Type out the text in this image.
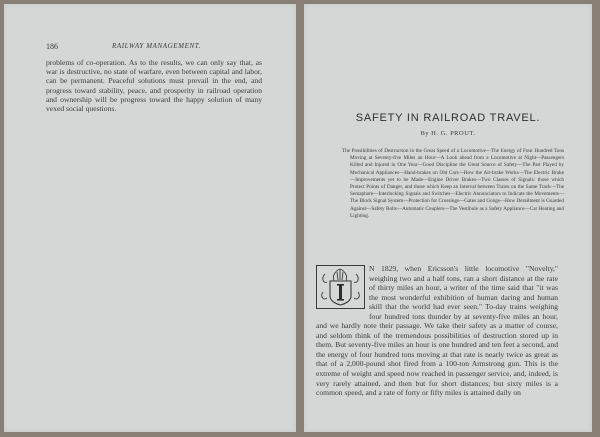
186	RAILWAY MANAGEMENT.
problems of co-operation. As to the results, we can only say that, as war is destructive, no state of warfare, even between capital and labor, can be permanent. Peaceful solutions must prevail in the end, and progress toward stability, peace, and prosperity in railroad operation and ownership will be progress toward the happy solution of many vexed social questions.
SAFETY IN RAILROAD TRAVEL.
By H. G. PROUT.
The Possibilities of Destruction in the Great Speed of a Locomotive—The Energy of Four Hundred Tons Moving at Seventy-five Miles an Hour—A Look ahead from a Locomotive at Night—Passengers Killed and Injured in One Year—Good Discipline the Great Source of Safety—The Part Played by Mechanical Appliances—Hand-brakes on Old Cars—How the Air-brake Works—The Electric Brake—Improvements yet to be Made—Engine Driver Brakes—Two Classes of Signals: those which Protect Points of Danger, and those which Keep an Interval between Trains on the Same Track—The Semaphore—Interlocking Signals and Switches—Electric Annunciators to Indicate the Movements—The Block Signal System—Protection for Crossings—Gates and Gongs—How Derailment is Guarded Against—Safety Bolts—Automatic Couplers—The Vestibule as a Safety Appliance—Car Heating and Lighting.
N 1829, when Ericsson's little locomotive "Novelty," weighing two and a half tons, ran a short distance at the rate of thirty miles an hour, a writer of the time said that "it was the most wonderful exhibition of human daring and human skill that the world had ever seen." To-day trains weighing four hundred tons thunder by at seventy-five miles an hour, and we hardly note their passage. We take their safety as a matter of course, and seldom think of the tremendous possibilities of destruction stored up in them. But seventy-five miles an hour is one hundred and ten feet a second, and the energy of four hundred tons moving at that rate is nearly twice as great as that of a 2,000-pound shot fired from a 100-ton Armstrong gun. This is the extreme of weight and speed now reached in passenger service, and, indeed, is very rarely attained, and then but for short distances; but sixty miles is a common speed, and a rate of forty or fifty miles is attained daily on
